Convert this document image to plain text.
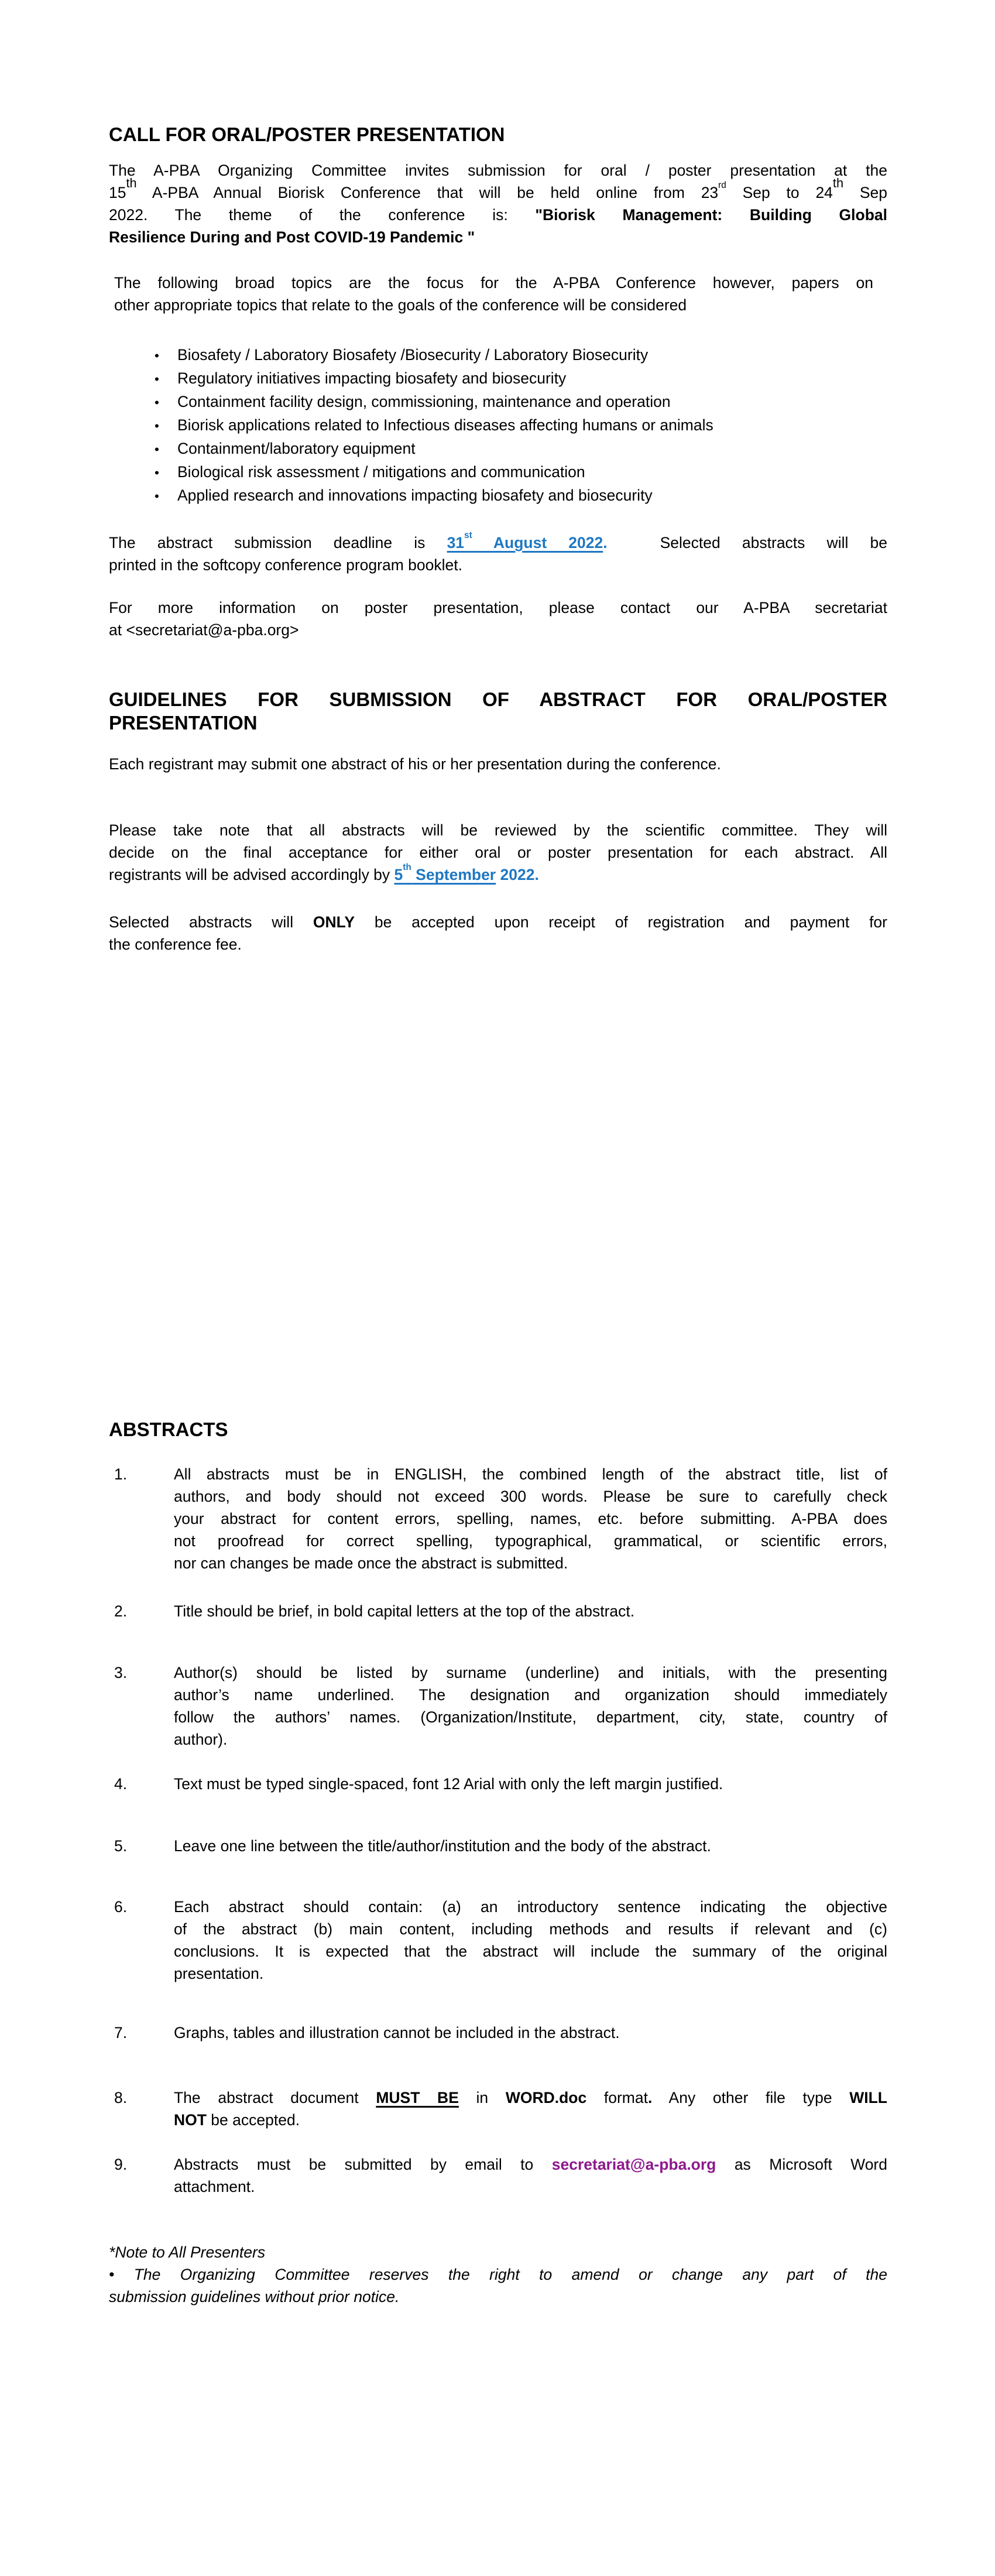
CALL FOR ORAL/POSTER PRESENTATION
The A-PBA Organizing Committee invites submission for oral / poster presentation at the
15th A-PBA Annual Biorisk Conference that will be held online from 23rd Sep to 24th Sep
2022. The theme of the conference is: "Biorisk Management: Building Global
Resilience During and Post COVID-19 Pandemic "
The following broad topics are the focus for the A-PBA Conference however, papers on
other appropriate topics that relate to the goals of the conference will be considered
•
Biosafety / Laboratory Biosafety /Biosecurity / Laboratory Biosecurity
•
Regulatory initiatives impacting biosafety and biosecurity
•
Containment facility design, commissioning, maintenance and operation
•
Biorisk applications related to Infectious diseases affecting humans or animals
•
Containment/laboratory equipment
•
Biological risk assessment / mitigations and communication
•
Applied research and innovations impacting biosafety and biosecurity
The abstract submission deadline is 31st August 2022.	Selected abstracts will be
printed in the softcopy conference program booklet.
For more information on poster presentation, please contact our A-PBA secretariat
at <secretariat@a-pba.org>
GUIDELINES FOR SUBMISSION OF ABSTRACT FOR ORAL/POSTER
PRESENTATION
Each registrant may submit one abstract of his or her presentation during the conference.
Please take note that all abstracts will be reviewed by the scientific committee. They will
decide on the final acceptance for either oral or poster presentation for each abstract. All
registrants will be advised accordingly by 5th September 2022.
Selected abstracts will ONLY be accepted upon receipt of registration and payment for
the conference fee.
ABSTRACTS
1.	All abstracts must be in ENGLISH, the combined length of the abstract title, list of
authors, and body should not exceed 300 words. Please be sure to carefully check
your abstract for content errors, spelling, names, etc. before submitting. A-PBA does
not proofread for correct spelling, typographical, grammatical, or scientific errors,
nor can changes be made once the abstract is submitted.
2.	Title should be brief, in bold capital letters at the top of the abstract.
3.	Author(s) should be listed by surname (underline) and initials, with the presenting
author’s name underlined. The designation and organization should immediately
follow the authors’ names. (Organization/Institute, department, city, state, country of
author).
4.	Text must be typed single-spaced, font 12 Arial with only the left margin justified.
5.	Leave one line between the title/author/institution and the body of the abstract.
6.	Each abstract should contain: (a) an introductory sentence indicating the objective
of the abstract (b) main content, including methods and results if relevant and (c)
conclusions. It is expected that the abstract will include the summary of the original
presentation.
7.	Graphs, tables and illustration cannot be included in the abstract.
8.	The abstract document MUST BE in WORD.doc format. Any other file type WILL
NOT be accepted.
9.	Abstracts must be submitted by email to secretariat@a-pba.org as Microsoft Word
attachment.
*Note to All Presenters
• The Organizing Committee reserves the right to amend or change any part of the
submission guidelines without prior notice.
